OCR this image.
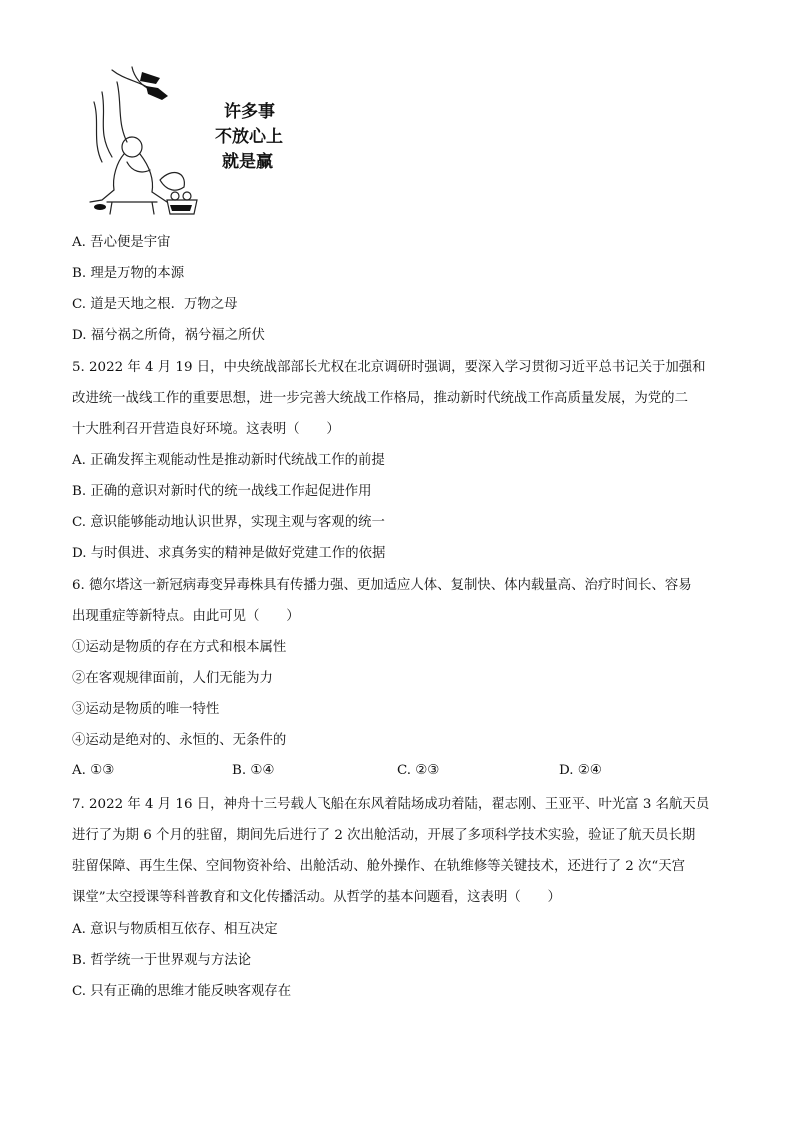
许多事
不放心上
就是赢
A. 吾心便是宇宙
B. 理是万物的本源
C. 道是天地之根．万物之母
D. 福兮祸之所倚，祸兮福之所伏
5. 2022 年 4 月 19 日，中央统战部部长尤权在北京调研时强调，要深入学习贯彻习近平总书记关于加强和
改进统一战线工作的重要思想，进一步完善大统战工作格局，推动新时代统战工作高质量发展，为党的二
十大胜利召开营造良好环境。这表明（　　）
A. 正确发挥主观能动性是推动新时代统战工作的前提
B. 正确的意识对新时代的统一战线工作起促进作用
C. 意识能够能动地认识世界，实现主观与客观的统一
D. 与时俱进、求真务实的精神是做好党建工作的依据
6. 德尔塔这一新冠病毒变异毒株具有传播力强、更加适应人体、复制快、体内载量高、治疗时间长、容易
出现重症等新特点。由此可见（　　）
①运动是物质的存在方式和根本属性
②在客观规律面前，人们无能为力
③运动是物质的唯一特性
④运动是绝对的、永恒的、无条件的
A. ①③	B. ①④	C. ②③	D. ②④
7. 2022 年 4 月 16 日，神舟十三号载人飞船在东风着陆场成功着陆，翟志刚、王亚平、叶光富 3 名航天员
进行了为期 6 个月的驻留，期间先后进行了 2 次出舱活动，开展了多项科学技术实验，验证了航天员长期
驻留保障、再生生保、空间物资补给、出舱活动、舱外操作、在轨维修等关键技术，还进行了 2 次“天宫
课堂”太空授课等科普教育和文化传播活动。从哲学的基本问题看，这表明（　　）
A. 意识与物质相互依存、相互决定
B. 哲学统一于世界观与方法论
C. 只有正确的思维才能反映客观存在
